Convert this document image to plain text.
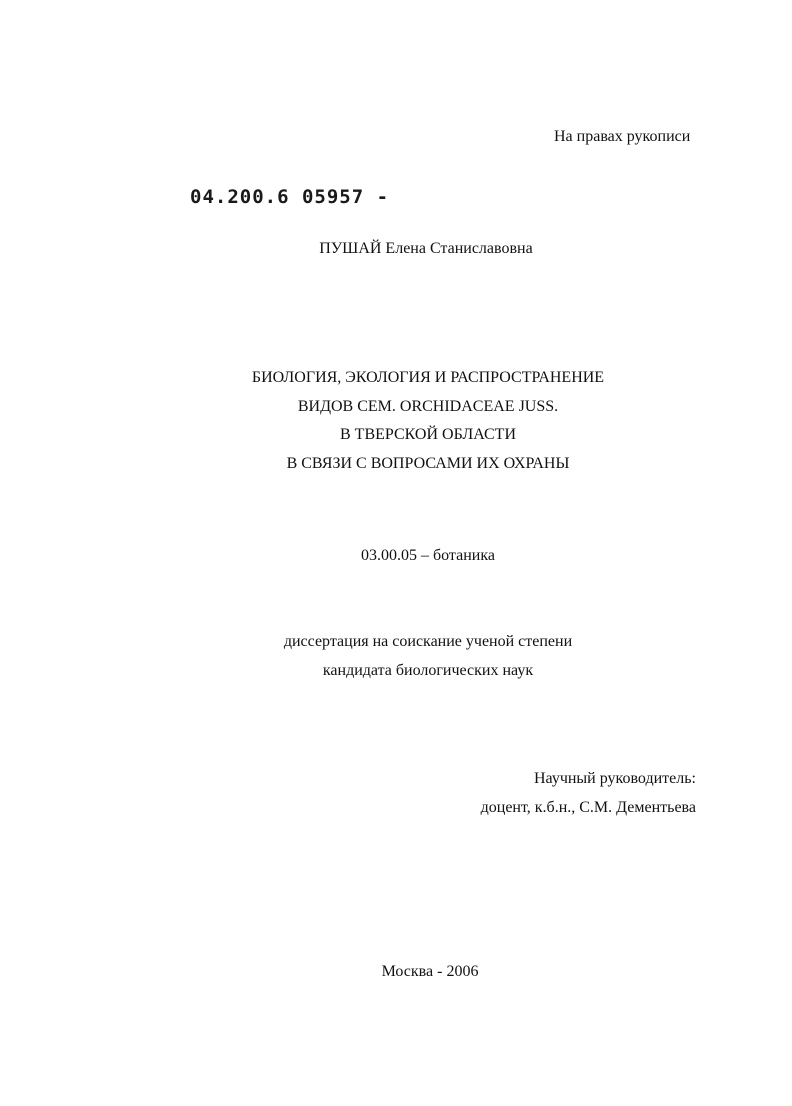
На правах рукописи
04.200.6 05957 -
ПУШАЙ Елена Станиславовна
БИОЛОГИЯ, ЭКОЛОГИЯ И РАСПРОСТРАНЕНИЕ
ВИДОВ СЕМ. ORCHIDACEAE JUSS.
В ТВЕРСКОЙ ОБЛАСТИ
В СВЯЗИ С ВОПРОСАМИ ИХ ОХРАНЫ
03.00.05 – ботаника
диссертация на соискание ученой степени
кандидата биологических наук
Научный руководитель:
доцент, к.б.н., С.М. Дементьева
Москва - 2006
